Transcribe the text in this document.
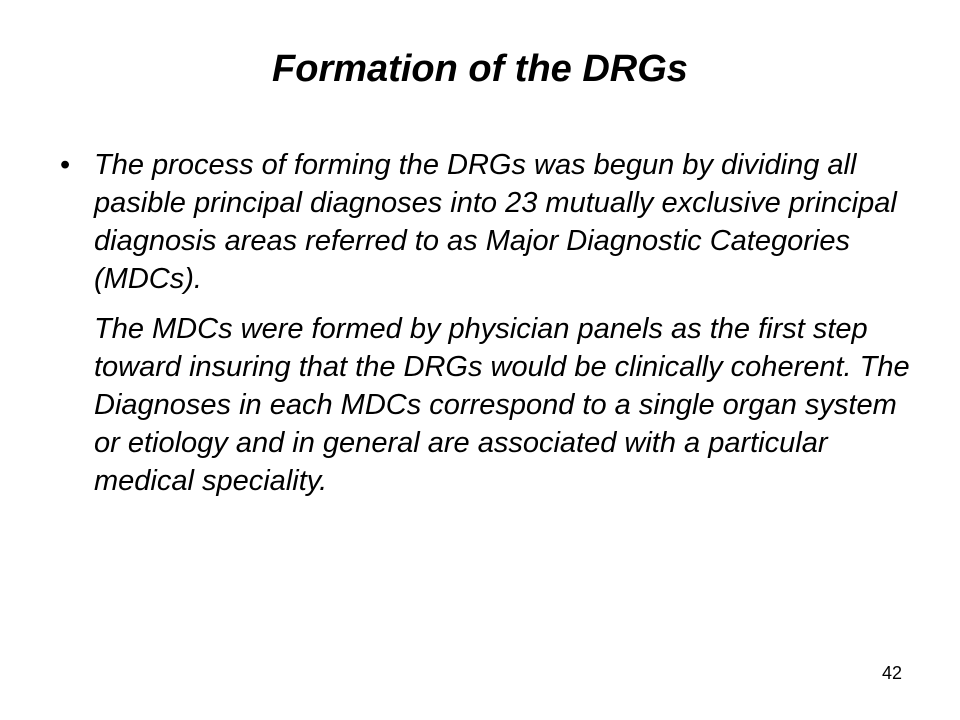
Formation of the DRGs
• The process of forming the DRGs was begun by dividing all pasible principal diagnoses into 23 mutually exclusive principal diagnosis areas referred to as Major Diagnostic Categories (MDCs).
The MDCs were formed by physician panels as the first step toward insuring that the DRGs would be clinically coherent. The Diagnoses in each MDCs correspond to a single organ system or etiology and in general are associated with a particular medical speciality.
42
